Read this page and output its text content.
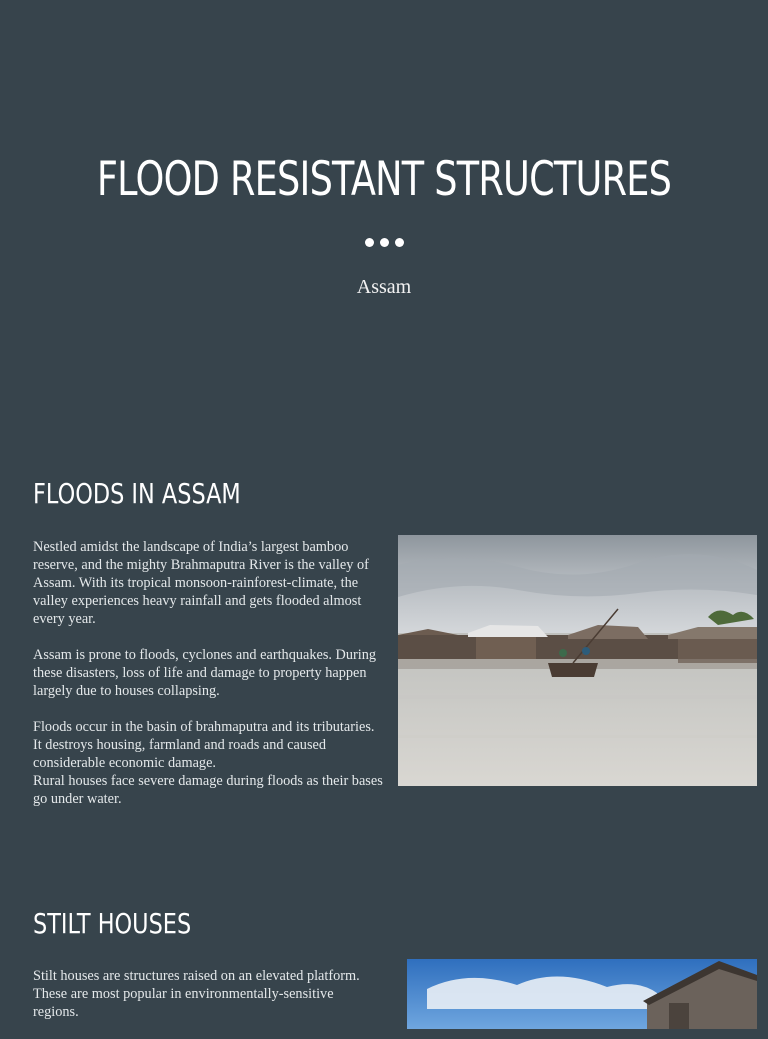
FLOOD RESISTANT STRUCTURES
Assam
FLOODS IN ASSAM

Nestled amidst the landscape of India’s largest bamboo reserve, and the mighty Brahmaputra River is the valley of Assam. With its tropical monsoon-rainforest-climate, the valley experiences heavy rainfall and gets flooded almost every year.

Assam is prone to floods, cyclones and earthquakes. During these disasters, loss of life and damage to property happen largely due to houses collapsing.

Floods occur in the basin of brahmaputra and its tributaries. It destroys housing, farmland and roads and caused considerable economic damage.

Rural houses face severe damage during floods as their bases go under water.

STILT HOUSES

Stilt houses are structures raised on an elevated platform. These are most popular in environmentally-sensitive regions.
